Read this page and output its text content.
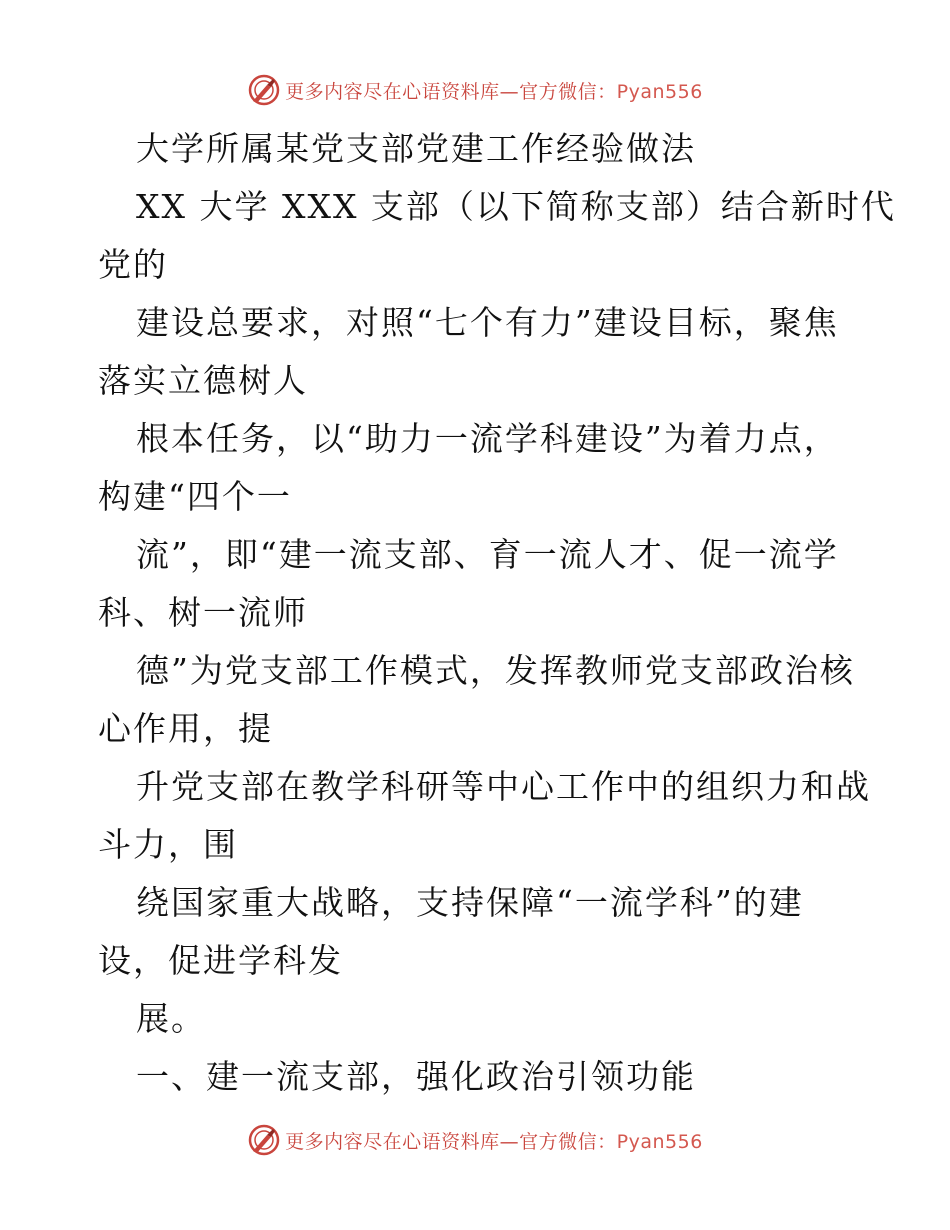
更多内容尽在心语资料库—官方微信：Pyan556
大学所属某党支部党建工作经验做法
XX 大学 XXX 支部（以下简称支部）结合新时代
党的
建设总要求，对照“七个有力”建设目标，聚焦
落实立德树人
根本任务，以“助力一流学科建设”为着力点，
构建“四个一
流”，即“建一流支部、育一流人才、促一流学
科、树一流师
德”为党支部工作模式，发挥教师党支部政治核
心作用，提
升党支部在教学科研等中心工作中的组织力和战
斗力，围
绕国家重大战略，支持保障“一流学科”的建
设，促进学科发
展。
一、建一流支部，强化政治引领功能
更多内容尽在心语资料库—官方微信：Pyan556
